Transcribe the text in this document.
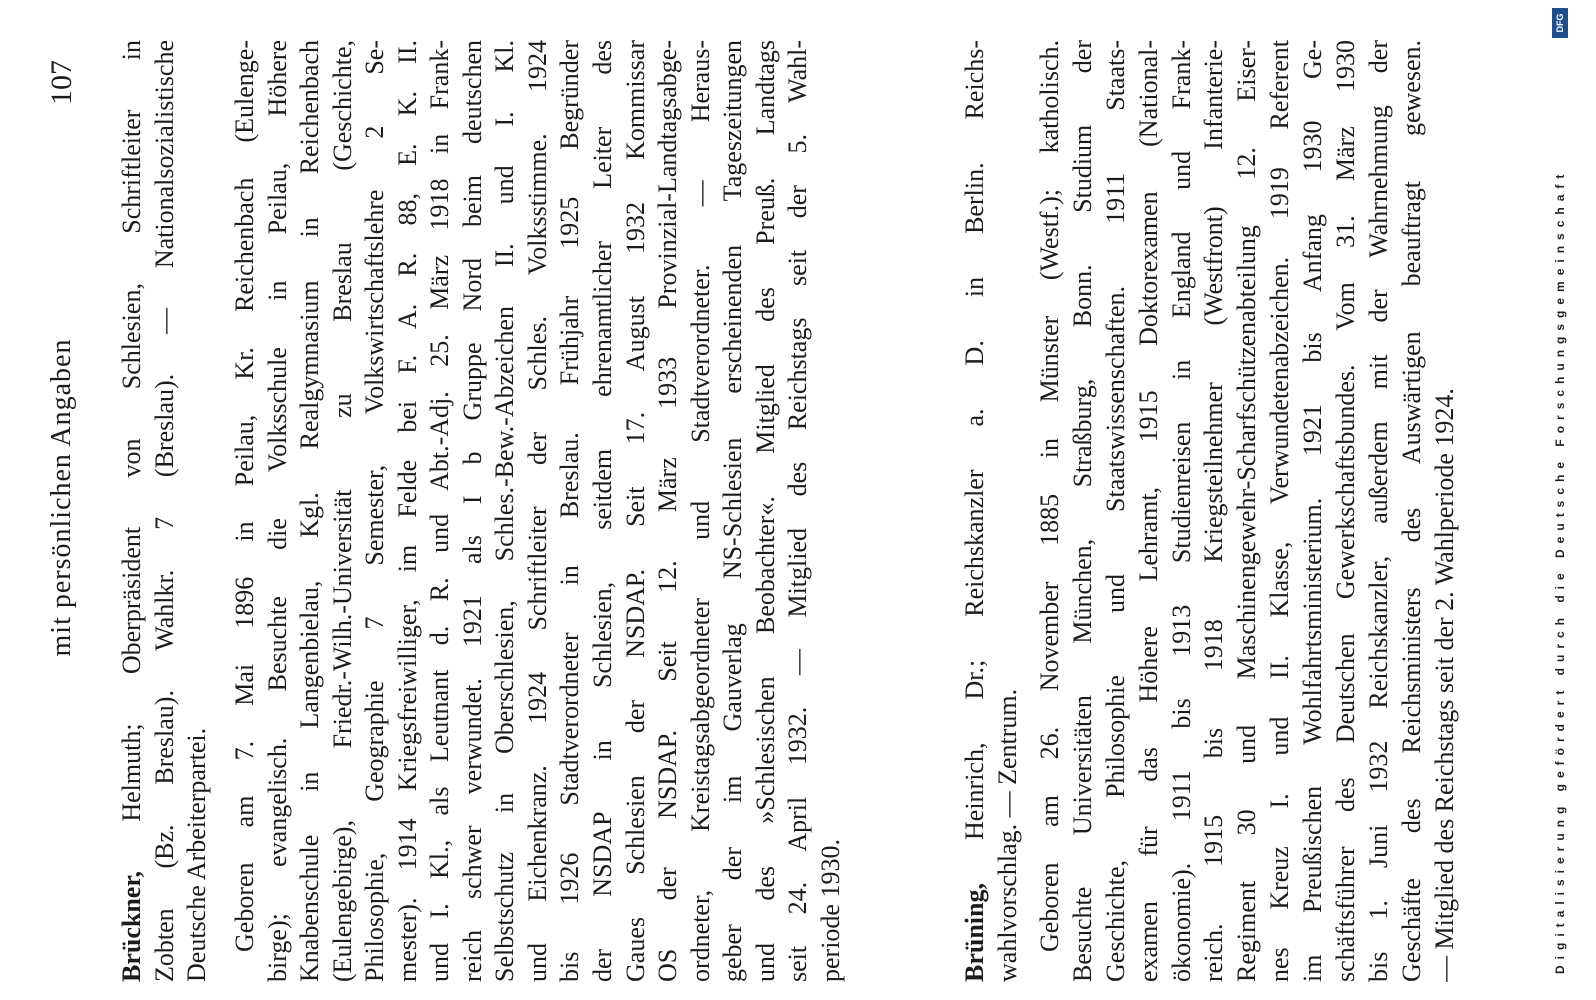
mit persönlichen Angaben
107
Brückner, Helmuth; Oberpräsident von Schlesien, Schriftleiter in Zobten (Bz. Breslau). Wahlkr. 7 (Breslau). — Nationalsozialistische Deutsche Arbeiterpartei. Geboren am 7. Mai 1896 in Peilau, Kr. Reichenbach (Eulenge- birge); evangelisch. Besuchte die Volksschule in Peilau, Höhere Knabenschule in Langenbielau, Kgl. Realgymnasium in Reichenbach (Eulengebirge), Friedr.-Wilh.-Universität zu Breslau (Geschichte, Philosophie, Geographie 7 Semester, Volkswirtschaftslehre 2 Se- mester). 1914 Kriegsfreiwilliger, im Felde bei F. A. R. 88, E. K. II. und I. Kl., als Leutnant d. R. und Abt.-Adj. 25. März 1918 in Frank- reich schwer verwundet. 1921 als I b Gruppe Nord beim deutschen Selbstschutz in Oberschlesien, Schles.-Bew.-Abzeichen II. und I. Kl. und Eichenkranz. 1924 Schriftleiter der Schles. Volksstimme. 1924 bis 1926 Stadtverordneter in Breslau. Frühjahr 1925 Begründer der NSDAP in Schlesien, seitdem ehrenamtlicher Leiter des Gaues Schlesien der NSDAP. Seit 17. August 1932 Kommissar OS der NSDAP. Seit 12. März 1933 Provinzial-Landtagsabge- ordneter, Kreistagsabgeordneter und Stadtverordneter. — Heraus- geber der im Gauverlag NS-Schlesien erscheinenden Tageszeitungen und des »Schlesischen Beobachter«. Mitglied des Preuß. Landtags seit 24. April 1932. — Mitglied des Reichstags seit der 5. Wahl- periode 1930.	Brüning, Heinrich, Dr.; Reichskanzler a. D. in Berlin. Reichs- wahlvorschlag. — Zentrum. Geboren am 26. November 1885 in Münster (Westf.); katholisch. Besuchte Universitäten München, Straßburg, Bonn. Studium der Geschichte, Philosophie und Staatswissenschaften. 1911 Staats- examen für das Höhere Lehramt, 1915 Doktorexamen (National- ökonomie). 1911 bis 1913 Studienreisen in England und Frank- reich. 1915 bis 1918 Kriegsteilnehmer (Westfront) Infanterie- Regiment 30 und Maschinengewehr-Scharfschützenabteilung 12. Eiser- nes Kreuz I. und II. Klasse, Verwundetenabzeichen. 1919 Referent im Preußischen Wohlfahrtsministerium. 1921 bis Anfang 1930 Ge- schäftsführer des Deutschen Gewerkschaftsbundes. Vom 31. März 1930 bis 1. Juni 1932 Reichskanzler, außerdem mit der Wahrnehmung der Geschäfte des Reichsministers des Auswärtigen beauftragt gewesen. — Mitglied des Reichstags seit der 2. Wahlperiode 1924.	Digitalisierung gefördert durch die Deutsche Forschungsgemeinschaft
DFG
